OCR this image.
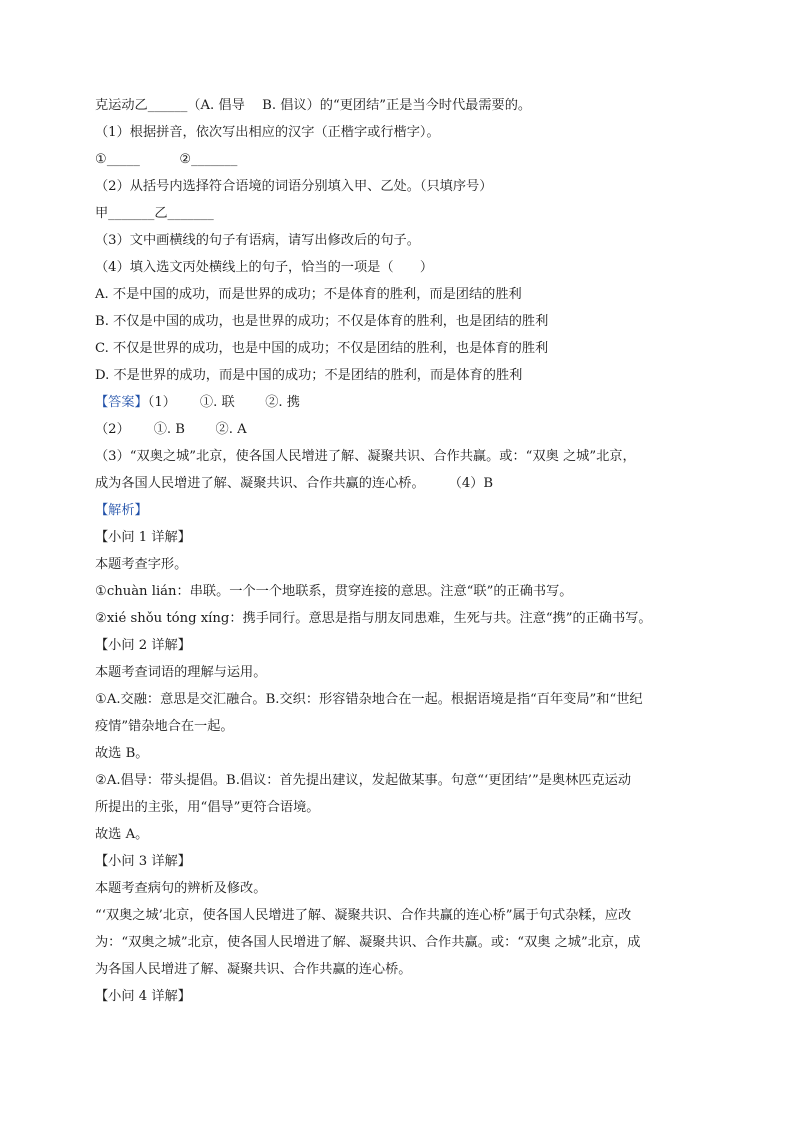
克运动乙______（A. 倡导　 B. 倡议）的“更团结”正是当今时代最需要的。
（1）根据拼音，依次写出相应的汉字（正楷字或行楷字）。
①_____　　　②_______
（2）从括号内选择符合语境的词语分别填入甲、乙处。（只填序号）
甲_______乙_______
（3）文中画横线的句子有语病，请写出修改后的句子。
（4）填入选文丙处横线上的句子，恰当的一项是（　　）
A. 不是中国的成功，而是世界的成功；不是体育的胜利，而是团结的胜利
B. 不仅是中国的成功，也是世界的成功；不仅是体育的胜利，也是团结的胜利
C. 不仅是世界的成功，也是中国的成功；不仅是团结的胜利，也是体育的胜利
D. 不是世界的成功，而是中国的成功；不是团结的胜利，而是体育的胜利
【答案】（1）　　 ①. 联　　 ②. 携
（2）　　 ①. B　　 ②. A
（3）“双奥之城”北京，使各国人民增进了解、凝聚共识、合作共赢。或：“双奥 之城”北京，
成为各国人民增进了解、凝聚共识、合作共赢的连心桥。　　 （4）B
【解析】
【小问 1 详解】
本题考查字形。
①chuàn lián：串联。一个一个地联系，贯穿连接的意思。注意“联”的正确书写。
②xié shǒu tóng xíng：携手同行。意思是指与朋友同患难，生死与共。注意“携”的正确书写。
【小问 2 详解】
本题考查词语的理解与运用。
①A.交融：意思是交汇融合。B.交织：形容错杂地合在一起。根据语境是指“百年变局”和“世纪
疫情”错杂地合在一起。
故选 B。
②A.倡导：带头提倡。B.倡议：首先提出建议，发起做某事。句意“‘更团结’”是奥林匹克运动
所提出的主张，用“倡导”更符合语境。
故选 A。
【小问 3 详解】
本题考查病句的辨析及修改。
“‘双奥之城’北京，使各国人民增进了解、凝聚共识、合作共赢的连心桥”属于句式杂糅，应改
为：“双奥之城”北京，使各国人民增进了解、凝聚共识、合作共赢。或：“双奥 之城”北京，成
为各国人民增进了解、凝聚共识、合作共赢的连心桥。
【小问 4 详解】
